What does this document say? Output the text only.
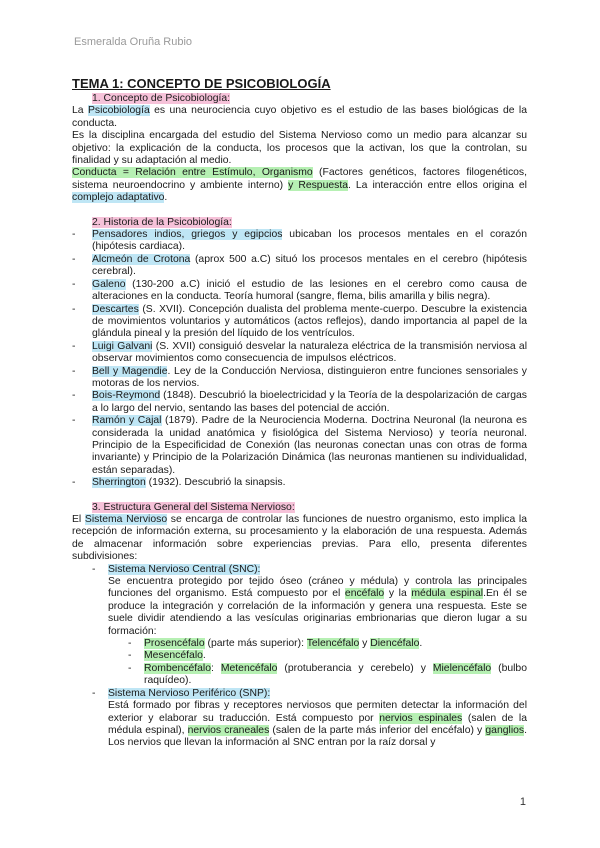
Esmeralda Oruña Rubio
TEMA 1: CONCEPTO DE PSICOBIOLOGÍA
1. Concepto de Psicobiología:

La Psicobiología es una neurociencia cuyo objetivo es el estudio de las bases biológicas de la conducta.

Es la disciplina encargada del estudio del Sistema Nervioso como un medio para alcanzar su objetivo: la explicación de la conducta, los procesos que la activan, los que la controlan, su finalidad y su adaptación al medio.

Conducta = Relación entre Estímulo, Organismo (Factores genéticos, factores filogenéticos, sistema neuroendocrino y ambiente interno) y Respuesta. La interacción entre ellos origina el complejo adaptativo.

2. Historia de la Psicobiología:
- Pensadores indios, griegos y egipcios ubicaban los procesos mentales en el corazón (hipótesis cardiaca).
- Alcmeón de Crotona (aprox 500 a.C) situó los procesos mentales en el cerebro (hipótesis cerebral).
- Galeno (130-200 a.C) inició el estudio de las lesiones en el cerebro como causa de alteraciones en la conducta. Teoría humoral (sangre, flema, bilis amarilla y bilis negra).
- Descartes (S. XVII). Concepción dualista del problema mente-cuerpo. Descubre la existencia de movimientos voluntarios y automáticos (actos reflejos), dando importancia al papel de la glándula pineal y la presión del líquido de los ventrículos.
- Luigi Galvani (S. XVII) consiguió desvelar la naturaleza eléctrica de la transmisión nerviosa al observar movimientos como consecuencia de impulsos eléctricos.
- Bell y Magendie. Ley de la Conducción Nerviosa, distinguieron entre funciones sensoriales y motoras de los nervios.
- Bois-Reymond (1848). Descubrió la bioelectricidad y la Teoría de la despolarización de cargas a lo largo del nervio, sentando las bases del potencial de acción.
- Ramón y Cajal (1879). Padre de la Neurociencia Moderna. Doctrina Neuronal (la neurona es considerada la unidad anatómica y fisiológica del Sistema Nervioso) y teoría neuronal. Principio de la Especificidad de Conexión (las neuronas conectan unas con otras de forma invariante) y Principio de la Polarización Dinámica (las neuronas mantienen su individualidad, están separadas).
- Sherrington (1932). Descubrió la sinapsis.
3. Estructura General del Sistema Nervioso:

El Sistema Nervioso se encarga de controlar las funciones de nuestro organismo, esto implica la recepción de información externa, su procesamiento y la elaboración de una respuesta. Además de almacenar información sobre experiencias previas. Para ello, presenta diferentes subdivisiones:

- Sistema Nervioso Central (SNC):

Se encuentra protegido por tejido óseo (cráneo y médula) y controla las principales funciones del organismo. Está compuesto por el encéfalo y la médula espinal.En él se produce la integración y correlación de la información y genera una respuesta. Este se suele dividir atendiendo a las vesículas originarias embrionarias que dieron lugar a su formación:

- Prosencéfalo (parte más superior): Telencéfalo y Diencéfalo.
- Mesencéfalo.
- Rombencéfalo: Metencéfalo (protuberancia y cerebelo) y Mielencéfalo (bulbo raquídeo).
- Sistema Nervioso Periférico (SNP):

Está formado por fibras y receptores nerviosos que permiten detectar la información del exterior y elaborar su traducción. Está compuesto por nervios espinales (salen de la médula espinal), nervios craneales (salen de la parte más inferior del encéfalo) y ganglios. Los nervios que llevan la información al SNC entran por la raíz dorsal y

1
